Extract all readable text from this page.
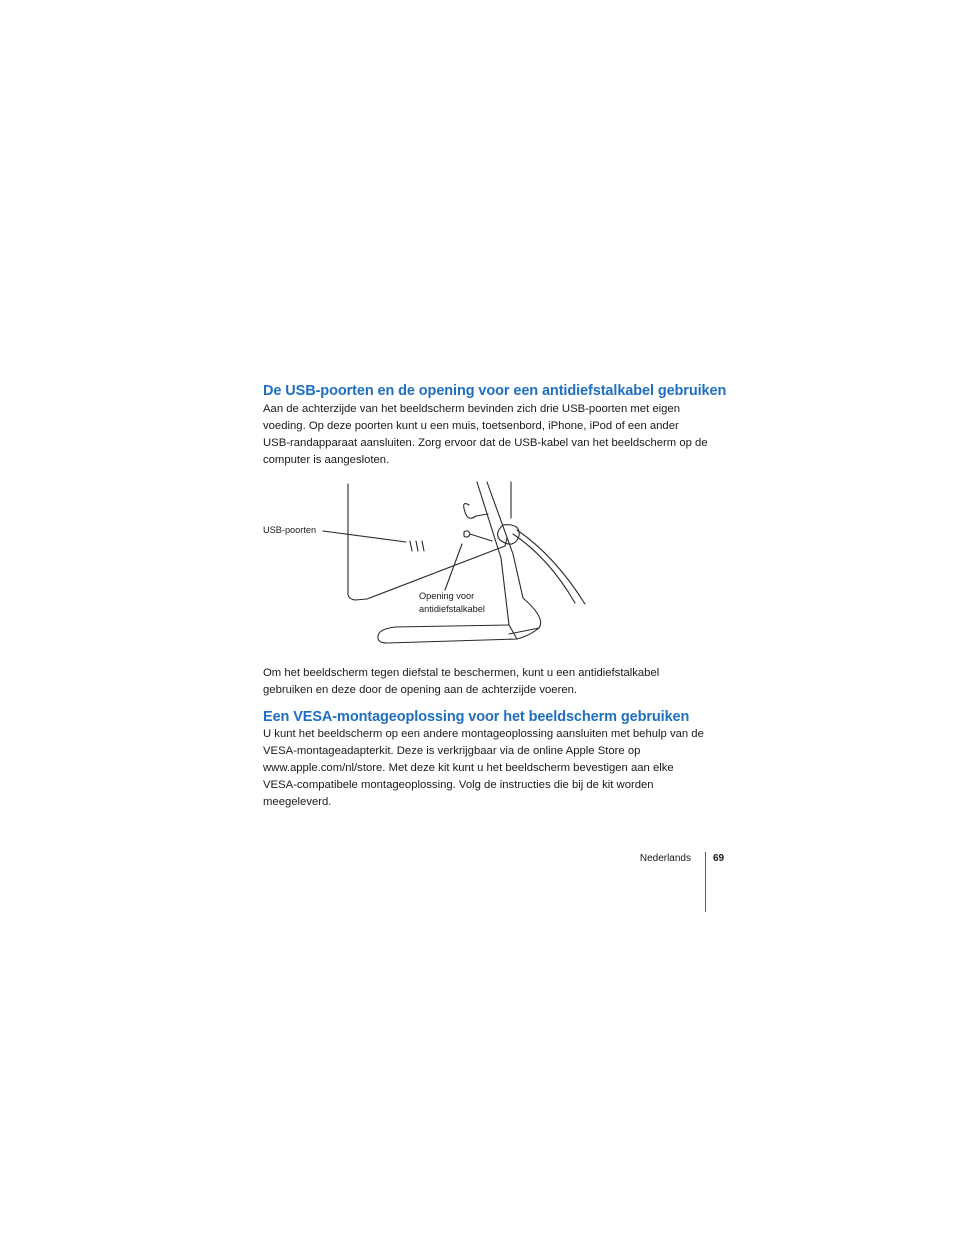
De USB-poorten en de opening voor een antidiefstalkabel gebruiken

Aan de achterzijde van het beeldscherm bevinden zich drie USB-poorten met eigen voeding. Op deze poorten kunt u een muis, toetsenbord, iPhone, iPod of een ander USB-randapparaat aansluiten. Zorg ervoor dat de USB-kabel van het beeldscherm op de computer is aangesloten.

USB-poorten
Opening voor
antidiefstalkabel

Om het beeldscherm tegen diefstal te beschermen, kunt u een antidiefstalkabel gebruiken en deze door de opening aan de achterzijde voeren.

Een VESA-montageoplossing voor het beeldscherm gebruiken

U kunt het beeldscherm op een andere montageoplossing aansluiten met behulp van de VESA-montageadapterkit. Deze is verkrijgbaar via de online Apple Store op www.apple.com/nl/store. Met deze kit kunt u het beeldscherm bevestigen aan elke VESA-compatibele montageoplossing. Volg de instructies die bij de kit worden meegeleverd.

Nederlands 69
